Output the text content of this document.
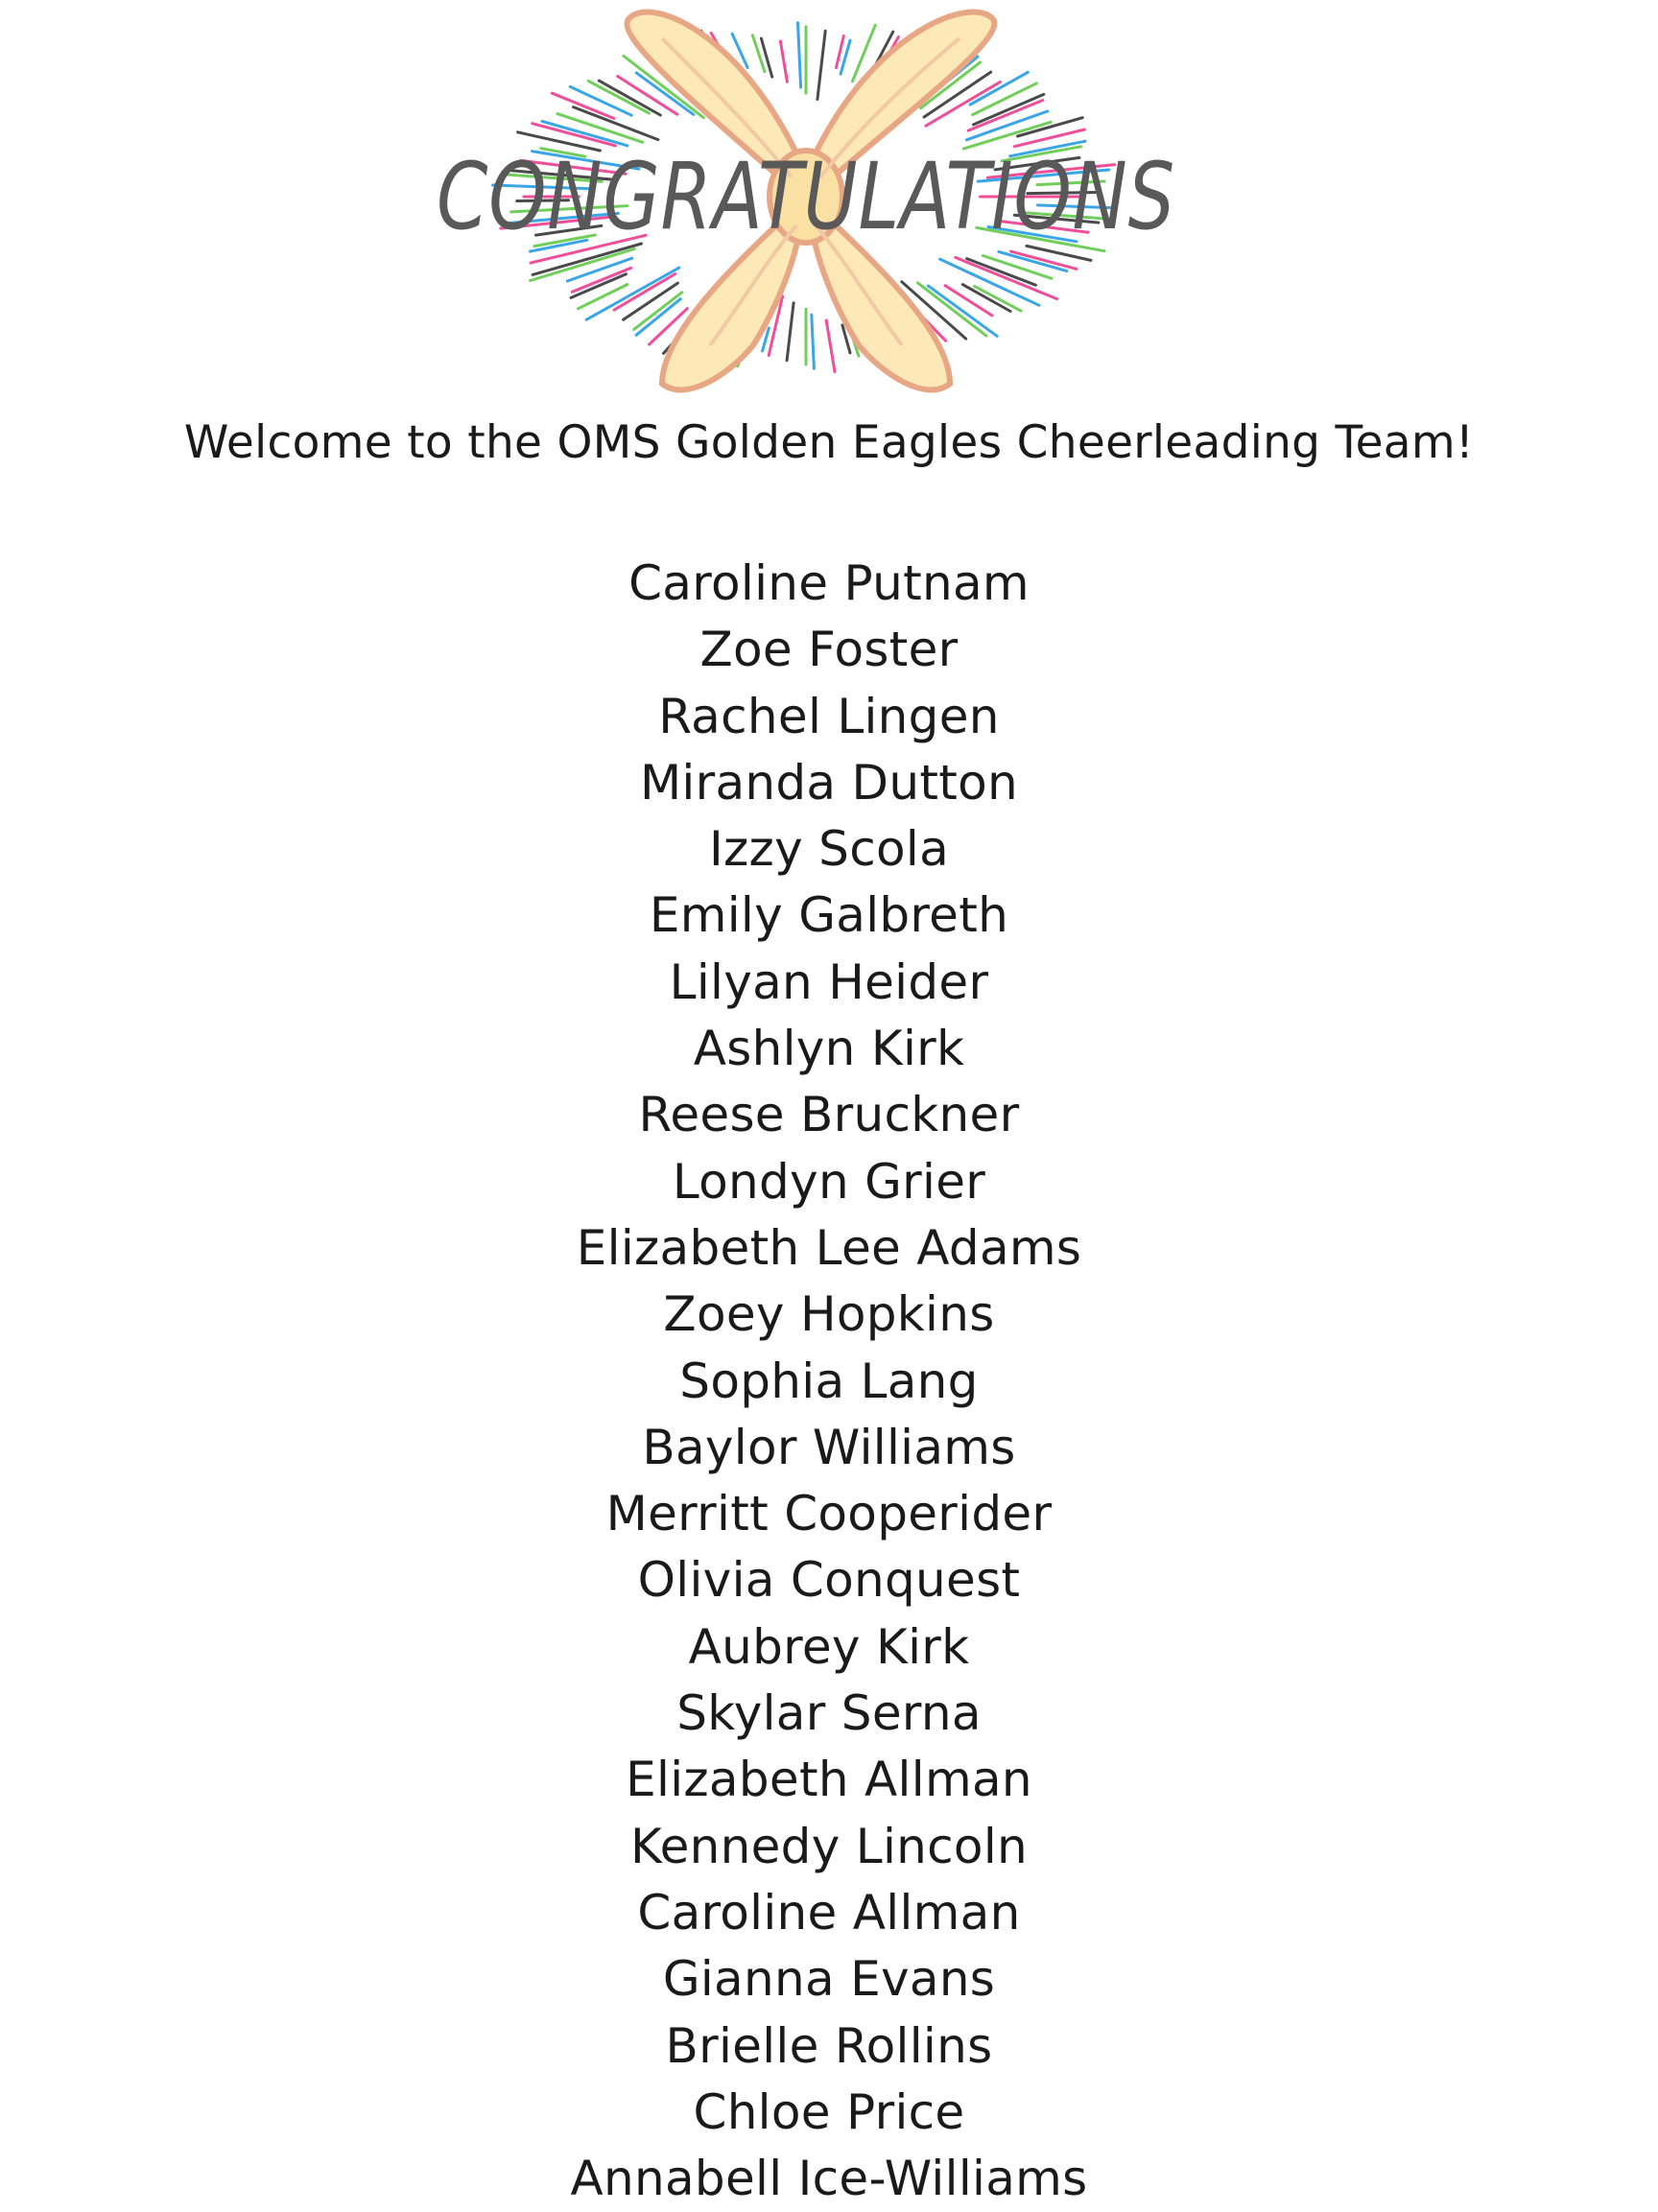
CONGRATULATIONS
Welcome to the OMS Golden Eagles Cheerleading Team!
Caroline Putnam
Zoe Foster
Rachel Lingen
Miranda Dutton
Izzy Scola
Emily Galbreth
Lilyan Heider
Ashlyn Kirk
Reese Bruckner
Londyn Grier
Elizabeth Lee Adams
Zoey Hopkins
Sophia Lang
Baylor Williams
Merritt Cooperider
Olivia Conquest
Aubrey Kirk
Skylar Serna
Elizabeth Allman
Kennedy Lincoln
Caroline Allman
Gianna Evans
Brielle Rollins
Chloe Price
Annabell Ice-Williams
